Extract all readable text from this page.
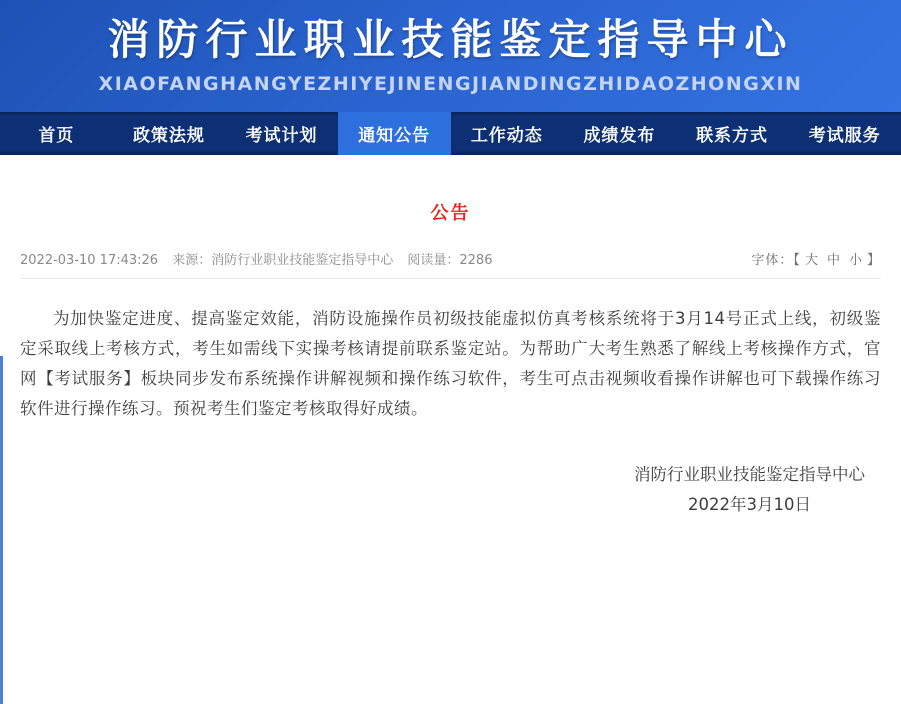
消防行业职业技能鉴定指导中心
XIAOFANGHANGYEZHIYEJINENGJIANDINGZHIDAOZHONGXIN
首页	政策法规	考试计划	通知公告	工作动态	成绩发布	联系方式	考试服务
公告
2022-03-10 17:43:26 来源：消防行业职业技能鉴定指导中心 阅读量：2286	字体：【 大 中 小 】

为加快鉴定进度、提高鉴定效能，消防设施操作员初级技能虚拟仿真考核系统将于3月14号正式上线，初级鉴定采取线上考核方式，考生如需线下实操考核请提前联系鉴定站。为帮助广大考生熟悉了解线上考核操作方式，官网【考试服务】板块同步发布系统操作讲解视频和操作练习软件，考生可点击视频收看操作讲解也可下载操作练习软件进行操作练习。预祝考生们鉴定考核取得好成绩。

消防行业职业技能鉴定指导中心
2022年3月10日
